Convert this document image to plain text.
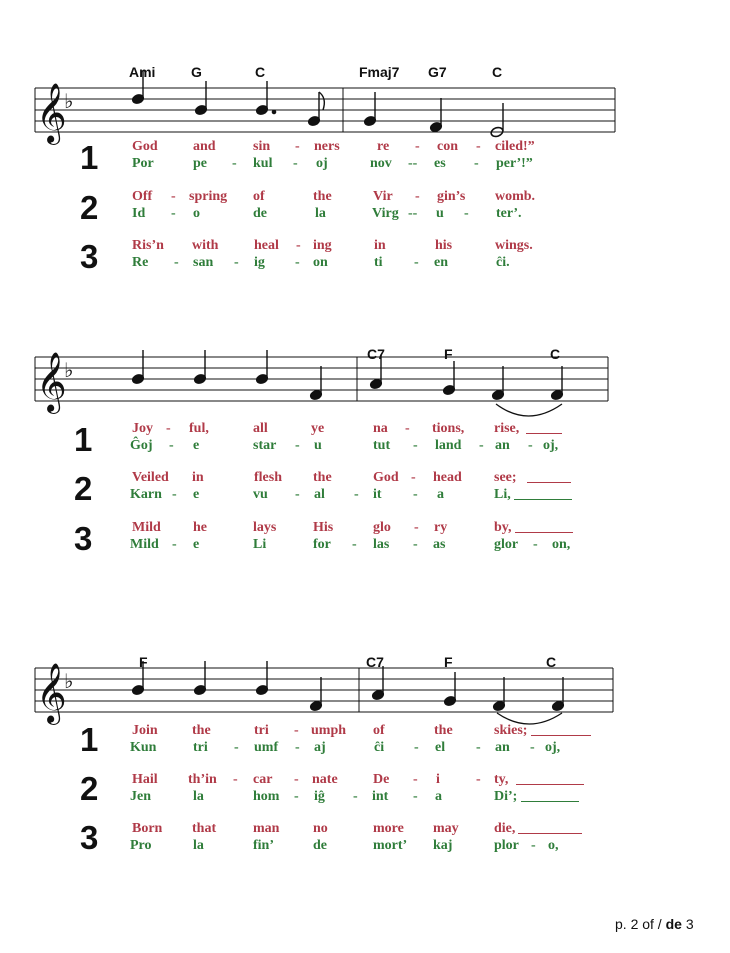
𝄞
♭
Ami	G	C	Fmaj7 G7	C
1 God	and	sin - ners	re - con - ciled!”
Por	pe - kul - oj	nov -- es - per’!”
2 Off - spring of	the	Vir - gin’s womb.
Id - o	de	la	Virg -- u - ter’.
3 Ris’n with	heal - ing	in	his	wings.
Re - san - ig - on	ti - en	ĉi.
𝄞
♭
C7	F	C
1	Joy - ful,	all	ye	na - tions, rise,
Ĝoj - e	star - u	tut - land - an - oj,
2	Veiled in	flesh the	God - head see;
Karn - e	vu - al - it - a	Li,
3	Mild he	lays	His	glo - ry	by,
Mild - e	Li	for - las - as	glor - on,
𝄞
♭
F	C7	F	C
1 Join the	tri - umph of	the	skies;
Kun	tri - umf - aj	ĉi - el - an - oj,
2 Hail th’in - car - nate	De - i	- ty,
Jen	la	hom - iĝ - int - a	Di’;
3 Born that	man no	more may	die,
Pro	la	fin’	de	mort’ kaj	plor - o,
p. 2 of / de 3
